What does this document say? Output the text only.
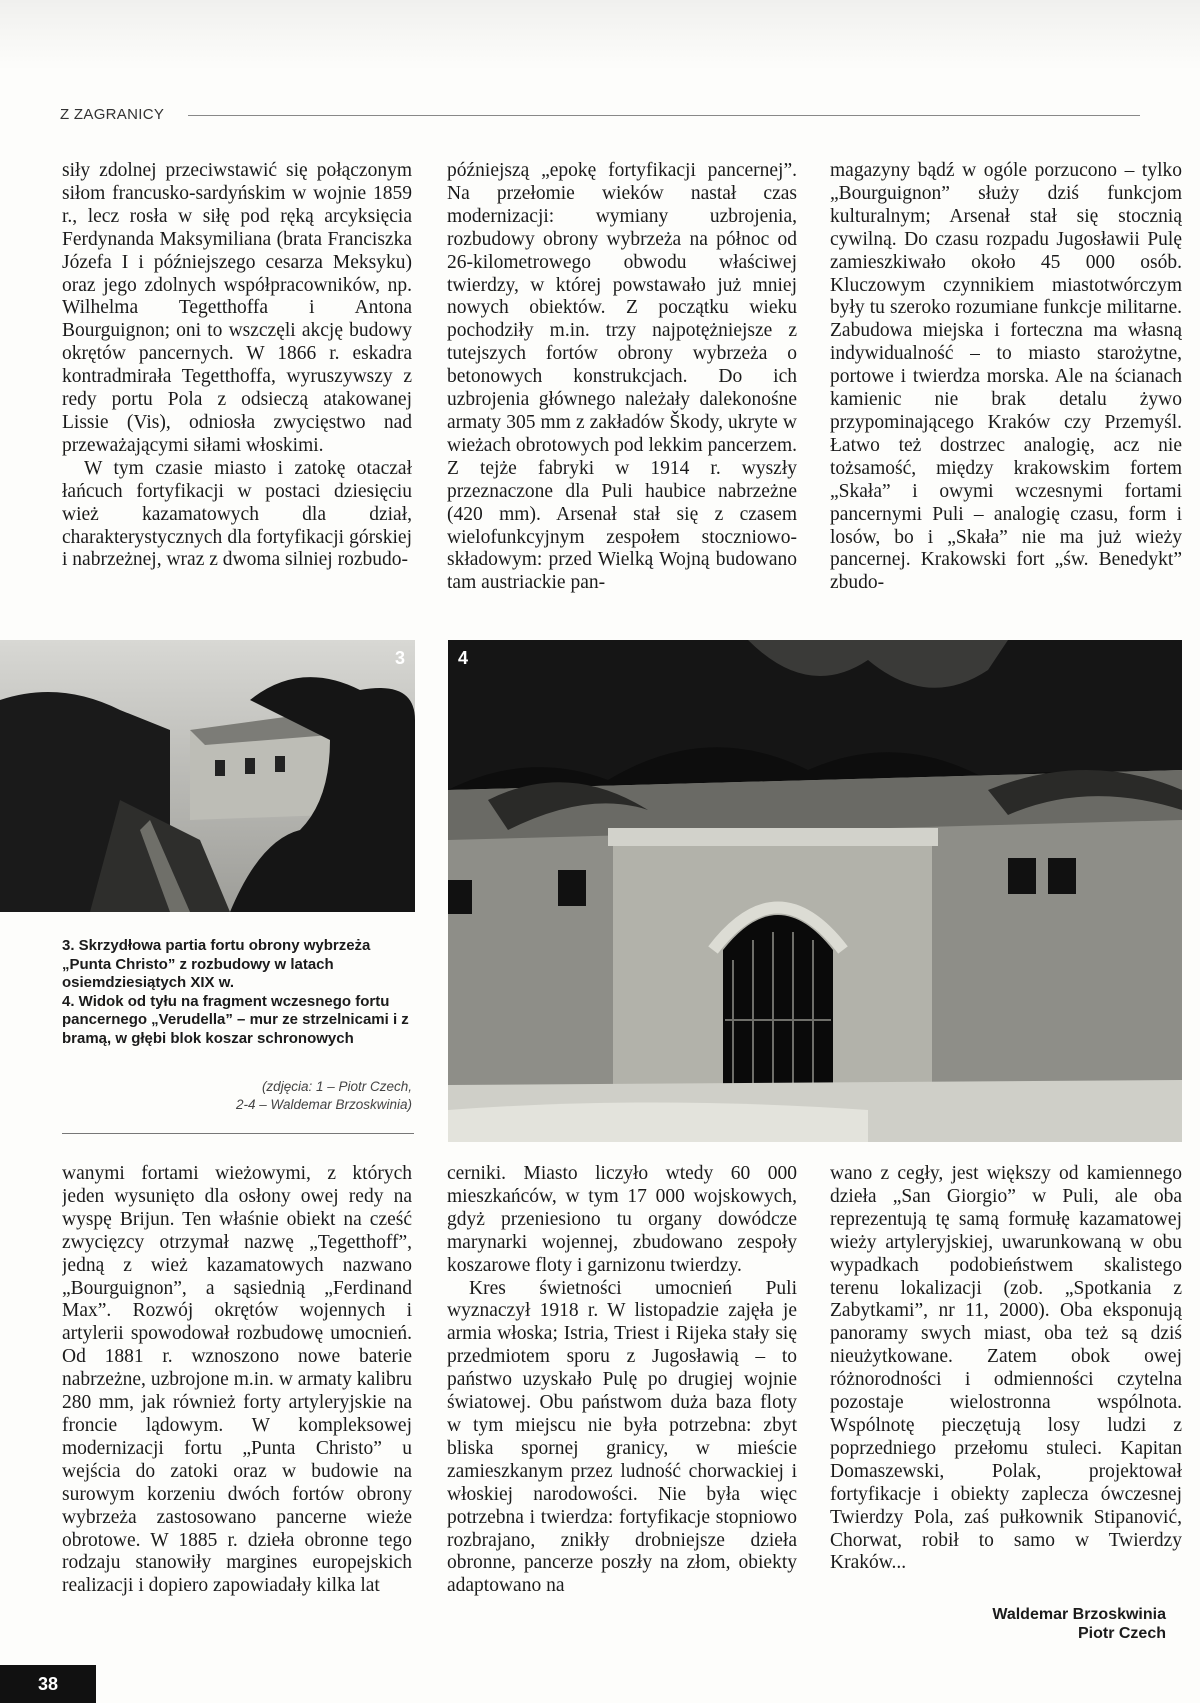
Z ZAGRANICY

siły zdolnej przeciwstawić się połączonym siłom francusko-sardyńskim w wojnie 1859 r., lecz rosła w siłę pod ręką arcyksięcia Ferdynanda Maksymiliana (brata Franciszka Józefa I i późniejszego cesarza Meksyku) oraz jego zdolnych współpracowników, np. Wilhelma Tegetthoffa i Antona Bourguignon; oni to wszczęli akcję budowy okrętów pancernych. W 1866 r. eskadra kontradmirała Tegetthoffa, wyruszywszy z redy portu Pola z odsieczą atakowanej Lissie (Vis), odniosła zwycięstwo nad przeważającymi siłami włoskimi.

W tym czasie miasto i zatokę otaczał łańcuch fortyfikacji w postaci dziesięciu wież kazamatowych dla dział, charakterystycznych dla fortyfikacji górskiej i nabrzeżnej, wraz z dwoma silniej rozbudo-

późniejszą „epokę fortyfikacji pancernej”. Na przełomie wieków nastał czas modernizacji: wymiany uzbrojenia, rozbudowy obrony wybrzeża na północ od 26-kilometrowego obwodu właściwej twierdzy, w której powstawało już mniej nowych obiektów. Z początku wieku pochodziły m.in. trzy najpotężniejsze z tutejszych fortów obrony wybrzeża o betonowych konstrukcjach. Do ich uzbrojenia głównego należały dalekonośne armaty 305 mm z zakładów Škody, ukryte w wieżach obrotowych pod lekkim pancerzem. Z tejże fabryki w 1914 r. wyszły przeznaczone dla Puli haubice nabrzeżne (420 mm). Arsenał stał się z czasem wielofunkcyjnym zespołem stoczniowo-składowym: przed Wielką Wojną budowano tam austriackie pan-

magazyny bądź w ogóle porzucono – tylko „Bourguignon” służy dziś funkcjom kulturalnym; Arsenał stał się stocznią cywilną. Do czasu rozpadu Jugosławii Pulę zamieszkiwało około 45 000 osób. Kluczowym czynnikiem miastotwórczym były tu szeroko rozumiane funkcje militarne. Zabudowa miejska i forteczna ma własną indywidualność – to miasto starożytne, portowe i twierdza morska. Ale na ścianach kamienic nie brak detalu żywo przypominającego Kraków czy Przemyśl. Łatwo też dostrzec analogię, acz nie tożsamość, między krakowskim fortem „Skała” i owymi wczesnymi fortami pancernymi Puli – analogię czasu, form i losów, bo i „Skała” nie ma już wieży pancernej. Krakowski fort „św. Benedykt” zbudo-

3	4

3. Skrzydłowa partia fortu obrony wybrzeża „Punta Christo” z rozbudowy w latach osiemdziesiątych XIX w.

4. Widok od tyłu na fragment wczesnego fortu pancernego „Verudella” – mur ze strzelnicami i z bramą, w głębi blok koszar schronowych

(zdjęcia: 1 – Piotr Czech,
2-4 – Waldemar Brzoskwinia)

wanymi fortami wieżowymi, z których jeden wysunięto dla osłony owej redy na wyspę Brijun. Ten właśnie obiekt na cześć zwycięzcy otrzymał nazwę „Tegetthoff”, jedną z wież kazamatowych nazwano „Bourguignon”, a sąsiednią „Ferdinand Max”. Rozwój okrętów wojennych i artylerii spowodował rozbudowę umocnień. Od 1881 r. wznoszono nowe baterie nabrzeżne, uzbrojone m.in. w armaty kalibru 280 mm, jak również forty artyleryjskie na froncie lądowym. W kompleksowej modernizacji fortu „Punta Christo” u wejścia do zatoki oraz w budowie na surowym korzeniu dwóch fortów obrony wybrzeża zastosowano pancerne wieże obrotowe. W 1885 r. dzieła obronne tego rodzaju stanowiły margines europejskich realizacji i dopiero zapowiadały kilka lat

cerniki. Miasto liczyło wtedy 60 000 mieszkańców, w tym 17 000 wojskowych, gdyż przeniesiono tu organy dowódcze marynarki wojennej, zbudowano zespoły koszarowe floty i garnizonu twierdzy.

Kres świetności umocnień Puli wyznaczył 1918 r. W listopadzie zajęła je armia włoska; Istria, Triest i Rijeka stały się przedmiotem sporu z Jugosławią – to państwo uzyskało Pulę po drugiej wojnie światowej. Obu państwom duża baza floty w tym miejscu nie była potrzebna: zbyt bliska spornej granicy, w mieście zamieszkanym przez ludność chorwackiej i włoskiej narodowości. Nie była więc potrzebna i twierdza: fortyfikacje stopniowo rozbrajano, znikły drobniejsze dzieła obronne, pancerze poszły na złom, obiekty adaptowano na

wano z cegły, jest większy od kamiennego dzieła „San Giorgio” w Puli, ale oba reprezentują tę samą formułę kazamatowej wieży artyleryjskiej, uwarunkowaną w obu wypadkach podobieństwem skalistego terenu lokalizacji (zob. „Spotkania z Zabytkami”, nr 11, 2000). Oba eksponują panoramy swych miast, oba też są dziś nieużytkowane. Zatem obok owej różnorodności i odmienności czytelna pozostaje wielostronna wspólnota. Wspólnotę pieczętują losy ludzi z poprzedniego przełomu stuleci. Kapitan Domaszewski, Polak, projektował fortyfikacje i obiekty zaplecza ówczesnej Twierdzy Pola, zaś pułkownik Stipanović, Chorwat, robił to samo w Twierdzy Kraków...

Waldemar Brzoskwinia
Piotr Czech
38
